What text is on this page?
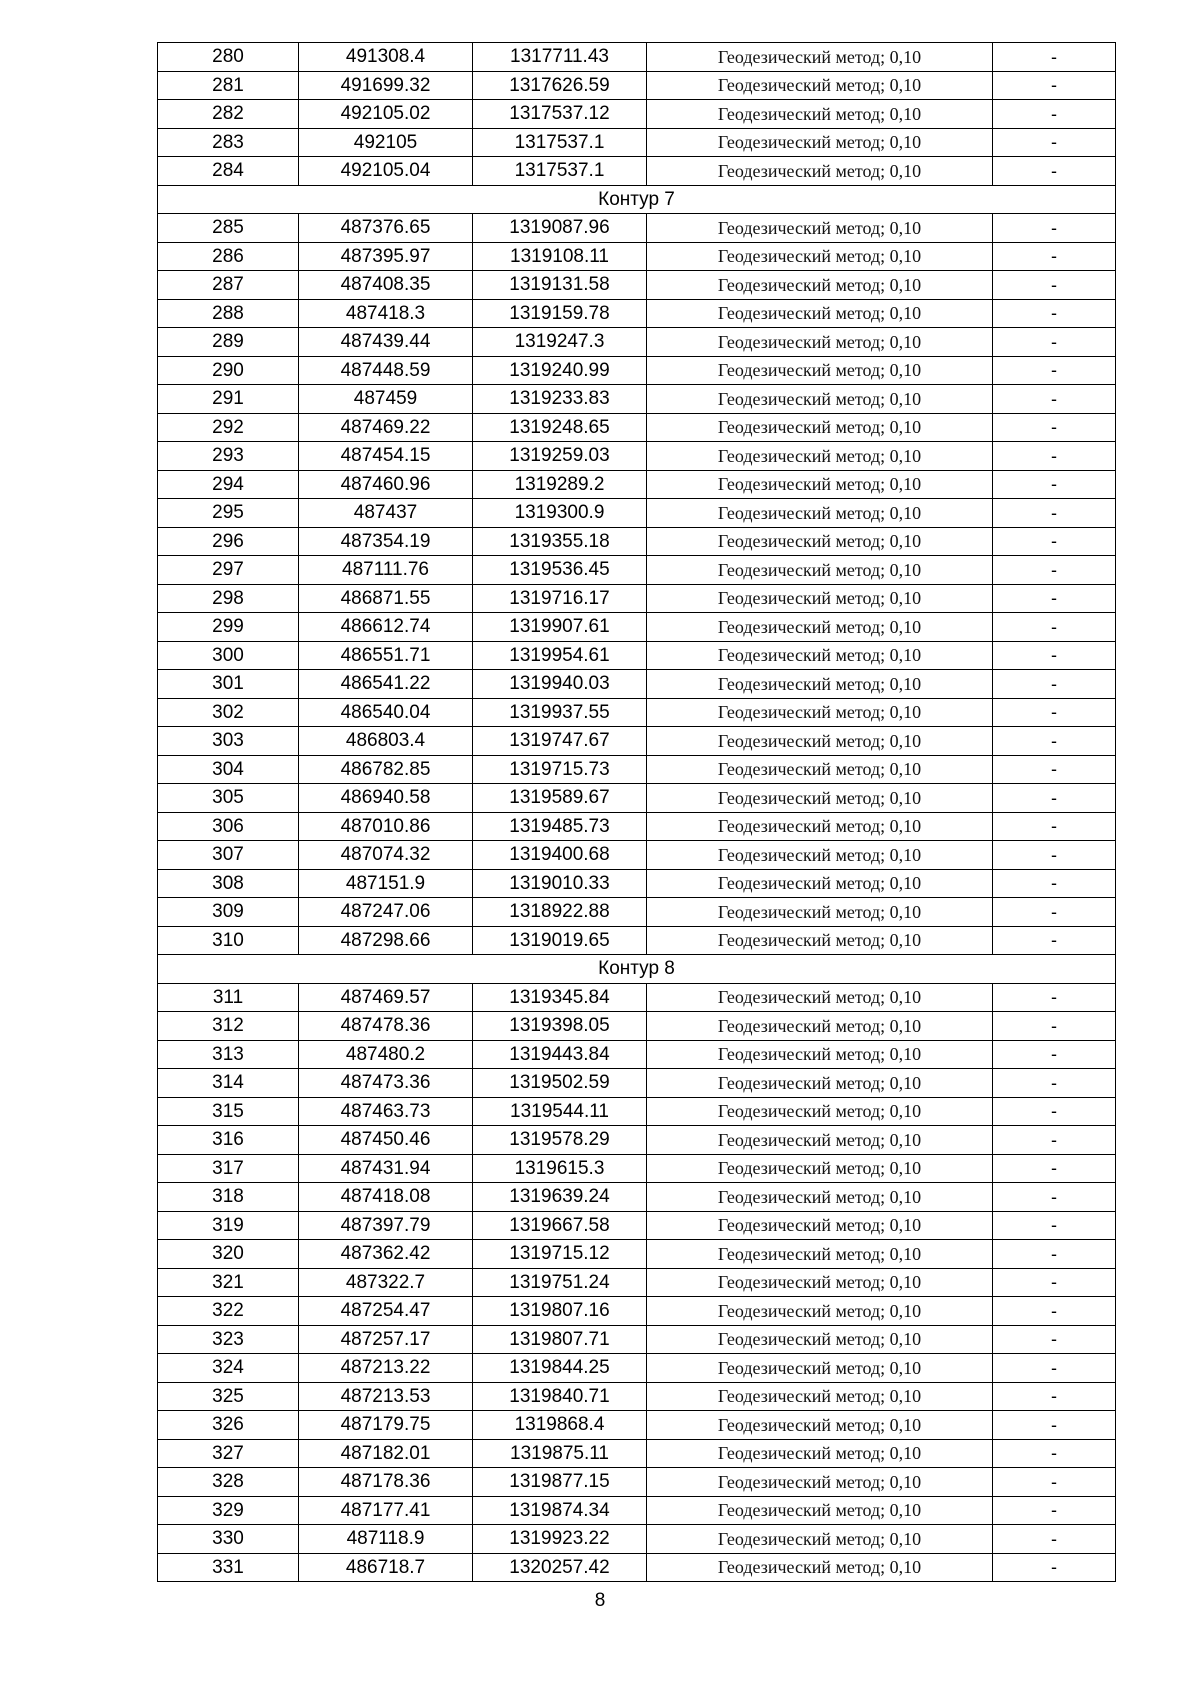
280	491308.4	1317711.43	Геодезический метод; 0,10	-
281	491699.32	1317626.59	Геодезический метод; 0,10	-
282	492105.02	1317537.12	Геодезический метод; 0,10	-
283	492105	1317537.1	Геодезический метод; 0,10	-
284	492105.04	1317537.1	Геодезический метод; 0,10	-
Контур 7				
285	487376.65	1319087.96	Геодезический метод; 0,10	-
286	487395.97	1319108.11	Геодезический метод; 0,10	-
287	487408.35	1319131.58	Геодезический метод; 0,10	-
288	487418.3	1319159.78	Геодезический метод; 0,10	-
289	487439.44	1319247.3	Геодезический метод; 0,10	-
290	487448.59	1319240.99	Геодезический метод; 0,10	-
291	487459	1319233.83	Геодезический метод; 0,10	-
292	487469.22	1319248.65	Геодезический метод; 0,10	-
293	487454.15	1319259.03	Геодезический метод; 0,10	-
294	487460.96	1319289.2	Геодезический метод; 0,10	-
295	487437	1319300.9	Геодезический метод; 0,10	-
296	487354.19	1319355.18	Геодезический метод; 0,10	-
297	487111.76	1319536.45	Геодезический метод; 0,10	-
298	486871.55	1319716.17	Геодезический метод; 0,10	-
299	486612.74	1319907.61	Геодезический метод; 0,10	-
300	486551.71	1319954.61	Геодезический метод; 0,10	-
301	486541.22	1319940.03	Геодезический метод; 0,10	-
302	486540.04	1319937.55	Геодезический метод; 0,10	-
303	486803.4	1319747.67	Геодезический метод; 0,10	-
304	486782.85	1319715.73	Геодезический метод; 0,10	-
305	486940.58	1319589.67	Геодезический метод; 0,10	-
306	487010.86	1319485.73	Геодезический метод; 0,10	-
307	487074.32	1319400.68	Геодезический метод; 0,10	-
308	487151.9	1319010.33	Геодезический метод; 0,10	-
309	487247.06	1318922.88	Геодезический метод; 0,10	-
310	487298.66	1319019.65	Геодезический метод; 0,10	-
Контур 8				
311	487469.57	1319345.84	Геодезический метод; 0,10	-
312	487478.36	1319398.05	Геодезический метод; 0,10	-
313	487480.2	1319443.84	Геодезический метод; 0,10	-
314	487473.36	1319502.59	Геодезический метод; 0,10	-
315	487463.73	1319544.11	Геодезический метод; 0,10	-
316	487450.46	1319578.29	Геодезический метод; 0,10	-
317	487431.94	1319615.3	Геодезический метод; 0,10	-
318	487418.08	1319639.24	Геодезический метод; 0,10	-
319	487397.79	1319667.58	Геодезический метод; 0,10	-
320	487362.42	1319715.12	Геодезический метод; 0,10	-
321	487322.7	1319751.24	Геодезический метод; 0,10	-
322	487254.47	1319807.16	Геодезический метод; 0,10	-
323	487257.17	1319807.71	Геодезический метод; 0,10	-
324	487213.22	1319844.25	Геодезический метод; 0,10	-
325	487213.53	1319840.71	Геодезический метод; 0,10	-
326	487179.75	1319868.4	Геодезический метод; 0,10	-
327	487182.01	1319875.11	Геодезический метод; 0,10	-
328	487178.36	1319877.15	Геодезический метод; 0,10	-
329	487177.41	1319874.34	Геодезический метод; 0,10	-
330	487118.9	1319923.22	Геодезический метод; 0,10	-
331	486718.7	1320257.42	Геодезический метод; 0,10	-
8
